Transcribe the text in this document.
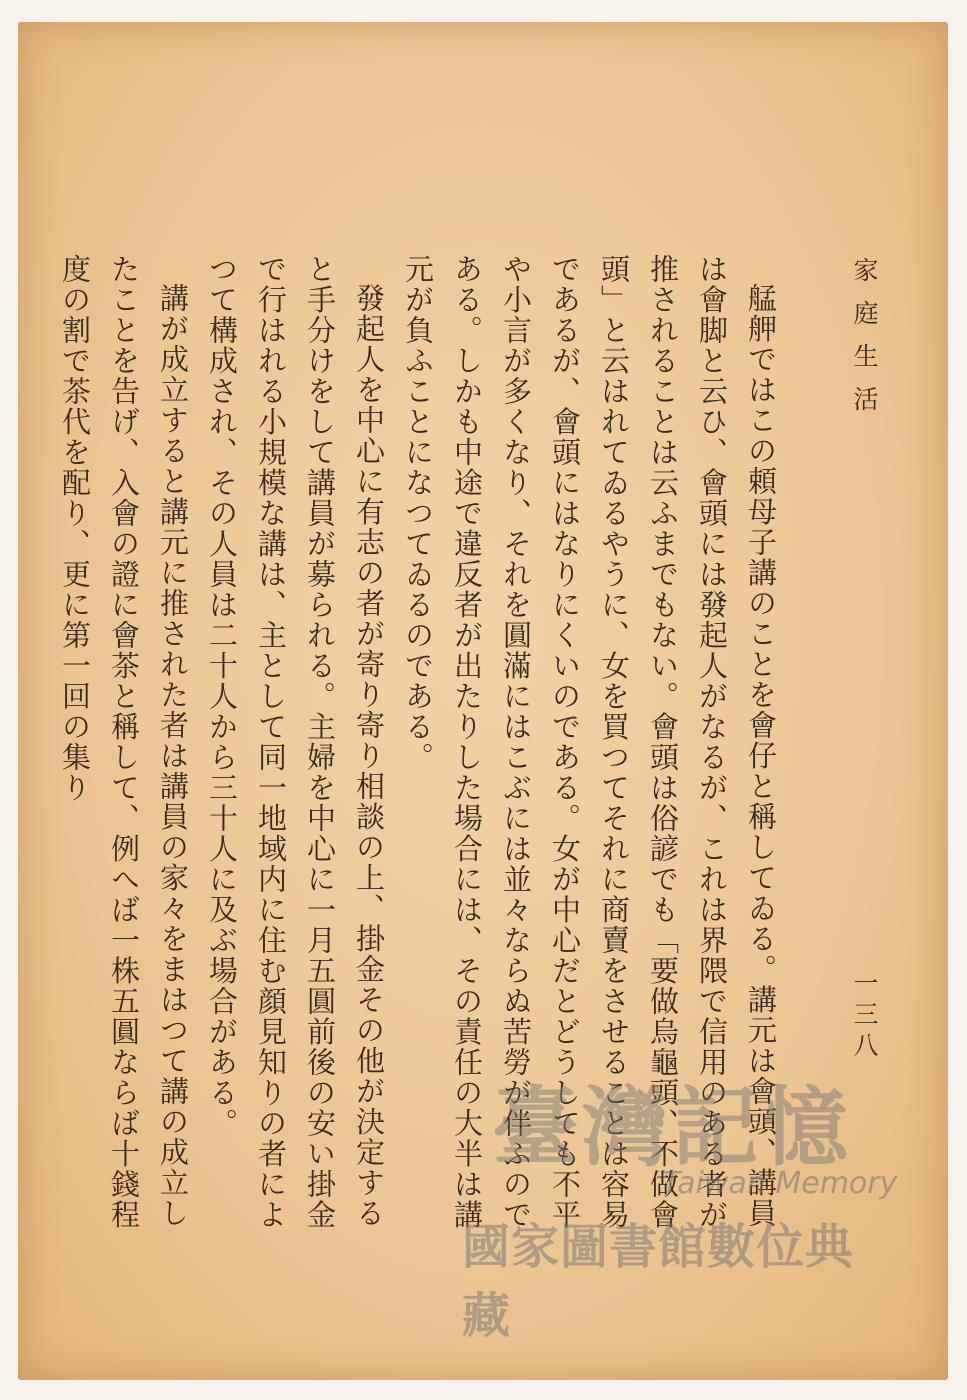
家庭生活
一三八

艋舺ではこの頼母子講のことを會仔と稱してゐる。講元は會頭、講員は會脚と云ひ、會頭には發起人がなるが、これは界隈で信用のある者が推されることは云ふまでもない。會頭は俗諺でも「要做烏龜頭、不做會頭」と云はれてゐるやうに、女を買つてそれに商賣をさせることは容易であるが、會頭にはなりにくいのである。女が中心だとどうしても不平や小言が多くなり、それを圓滿にはこぶには並々ならぬ苦勞が伴ふのである。しかも中途で違反者が出たりした場合には、その責任の大半は講元が負ふことになつてゐるのである。

發起人を中心に有志の者が寄り寄り相談の上、掛金その他が決定すると手分けをして講員が募られる。主婦を中心に一月五圓前後の安い掛金で行はれる小規模な講は、主として同一地域内に住む顔見知りの者によつて構成され、その人員は二十人から三十人に及ぶ場合がある。

講が成立すると講元に推された者は講員の家々をまはつて講の成立したことを告げ、入會の證に會茶と稱して、例へば一株五圓ならば十錢程度の割で茶代を配り、更に第一回の集り

臺灣記憶
Taiwan Memory
國家圖書館數位典藏
